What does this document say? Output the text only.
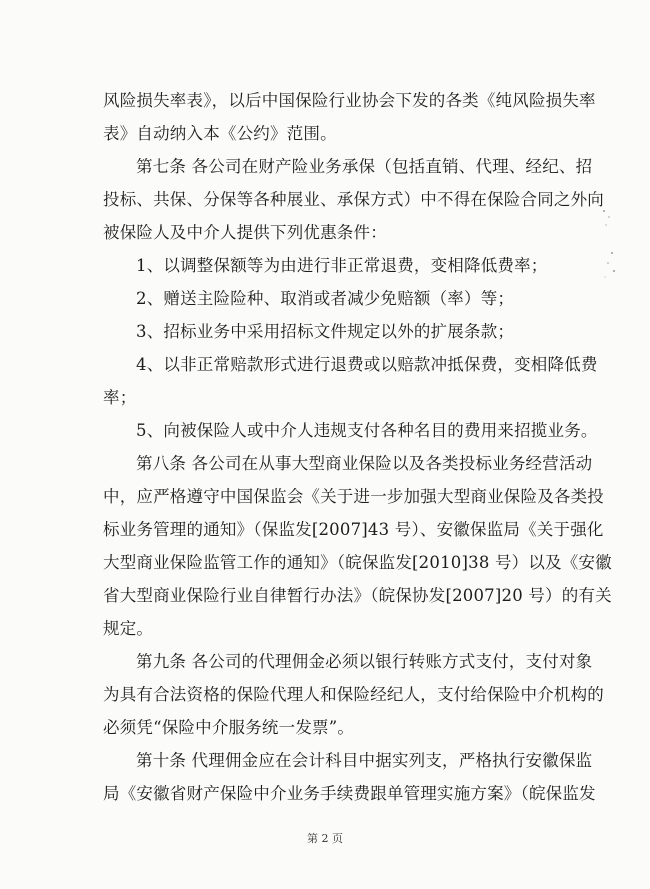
风险损失率表》，以后中国保险行业协会下发的各类《纯风险损失率
表》自动纳入本《公约》范围。
第七条 各公司在财产险业务承保（包括直销、代理、经纪、招
投标、共保、分保等各种展业、承保方式）中不得在保险合同之外向
被保险人及中介人提供下列优惠条件：
1、以调整保额等为由进行非正常退费，变相降低费率；
2、赠送主险险种、取消或者减少免赔额（率）等；
3、招标业务中采用招标文件规定以外的扩展条款；
4、以非正常赔款形式进行退费或以赔款冲抵保费，变相降低费
率；
5、向被保险人或中介人违规支付各种名目的费用来招揽业务。
第八条 各公司在从事大型商业保险以及各类投标业务经营活动
中，应严格遵守中国保监会《关于进一步加强大型商业保险及各类投
标业务管理的通知》（保监发[2007]43 号）、安徽保监局《关于强化
大型商业保险监管工作的通知》（皖保监发[2010]38 号）以及《安徽
省大型商业保险行业自律暂行办法》（皖保协发[2007]20 号）的有关
规定。
第九条 各公司的代理佣金必须以银行转账方式支付，支付对象
为具有合法资格的保险代理人和保险经纪人，支付给保险中介机构的
必须凭“保险中介服务统一发票”。
第十条 代理佣金应在会计科目中据实列支，严格执行安徽保监
局《安徽省财产保险中介业务手续费跟单管理实施方案》（皖保监发
第 2 页
